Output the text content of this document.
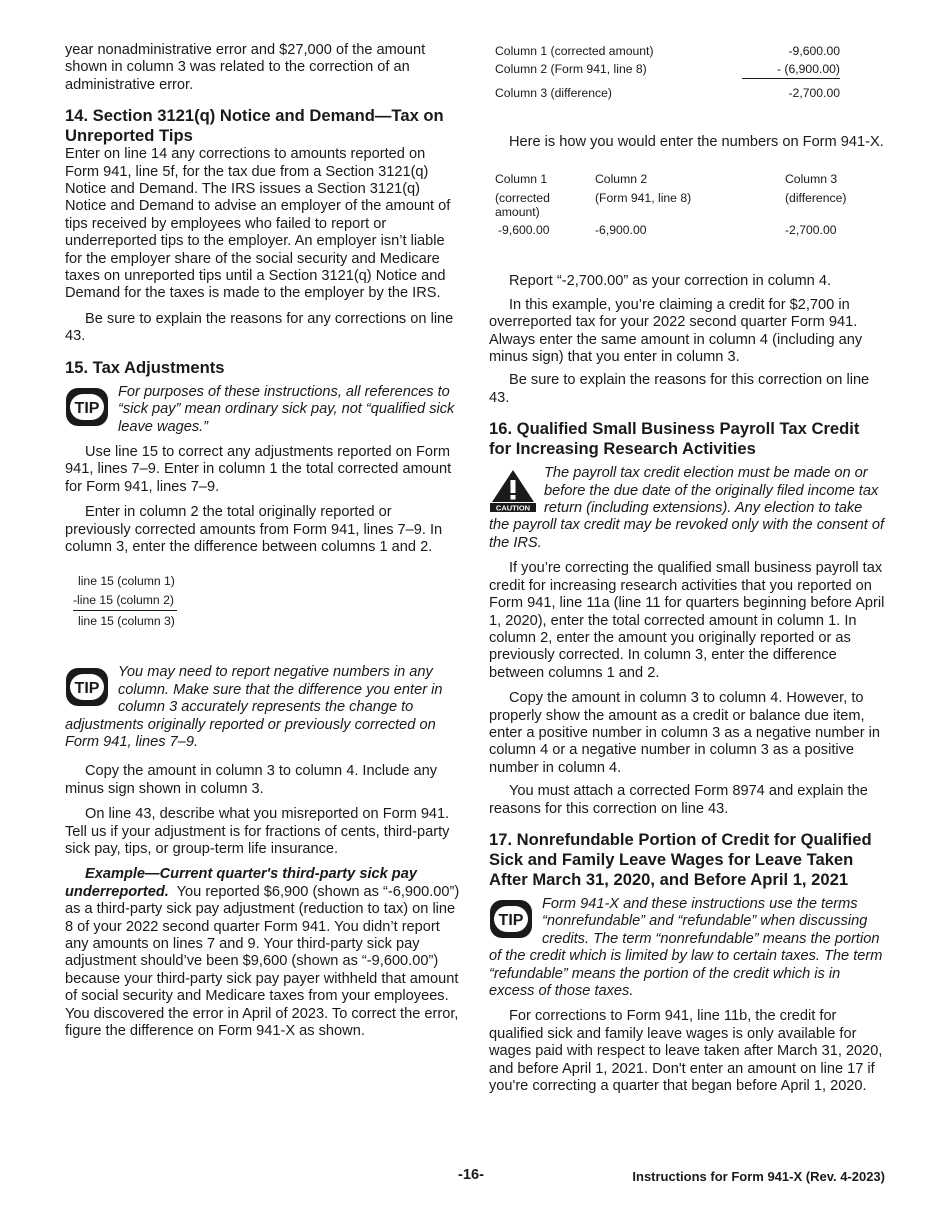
year nonadministrative error and $27,000 of the amount shown in column 3 was related to the correction of an administrative error.

14. Section 3121(q) Notice and Demand—Tax on Unreported Tips

Enter on line 14 any corrections to amounts reported on Form 941, line 5f, for the tax due from a Section 3121(q) Notice and Demand. The IRS issues a Section 3121(q) Notice and Demand to advise an employer of the amount of tips received by employees who failed to report or underreported tips to the employer. An employer isn’t liable for the employer share of the social security and Medicare taxes on unreported tips until a Section 3121(q) Notice and Demand for the taxes is made to the employer by the IRS.

Be sure to explain the reasons for any corrections on line 43.

15. Tax Adjustments
TIP

For purposes of these instructions, all references to “sick pay” mean ordinary sick pay, not “qualified sick leave wages.”

Use line 15 to correct any adjustments reported on Form 941, lines 7–9. Enter in column 1 the total corrected amount for Form 941, lines 7–9.

Enter in column 2 the total originally reported or previously corrected amounts from Form 941, lines 7–9. In column 3, enter the difference between columns 1 and 2.

line 15 (column 1)
-line 15 (column 2)
line 15 (column 3)
TIP

You may need to report negative numbers in any column. Make sure that the difference you enter in column 3 accurately represents the change to adjustments originally reported or previously corrected on Form 941, lines 7–9.

Copy the amount in column 3 to column 4. Include any minus sign shown in column 3.

On line 43, describe what you misreported on Form 941. Tell us if your adjustment is for fractions of cents, third-party sick pay, tips, or group-term life insurance.

Example—Current quarter's third-party sick pay underreported. You reported $6,900 (shown as “-6,900.00”) as a third-party sick pay adjustment (reduction to tax) on line 8 of your 2022 second quarter Form 941. You didn’t report any amounts on lines 7 and 9. Your third-party sick pay adjustment should’ve been $9,600 (shown as “-9,600.00”) because your third-party sick pay payer withheld that amount of social security and Medicare taxes from your employees. You discovered the error in April of 2023. To correct the error, figure the difference on Form 941-X as shown.

Column 1 (corrected amount)	-9,600.00
Column 2 (Form 941, line 8)	- (6,900.00)
Column 3 (difference)	-2,700.00

Here is how you would enter the numbers on Form 941-X.

Column 1	Column 2	Column 3
(corrected amount)	(Form 941, line 8)	(difference)
-9,600.00	-6,900.00	-2,700.00

Report “-2,700.00” as your correction in column 4.

In this example, you’re claiming a credit for $2,700 in overreported tax for your 2022 second quarter Form 941. Always enter the same amount in column 4 (including any minus sign) that you enter in column 3.

Be sure to explain the reasons for this correction on line 43.

16. Qualified Small Business Payroll Tax Credit for Increasing Research Activities
CAUTION

The payroll tax credit election must be made on or before the due date of the originally filed income tax return (including extensions). Any election to take the payroll tax credit may be revoked only with the consent of the IRS.

If you’re correcting the qualified small business payroll tax credit for increasing research activities that you reported on Form 941, line 11a (line 11 for quarters beginning before April 1, 2020), enter the total corrected amount in column 1. In column 2, enter the amount you originally reported or as previously corrected. In column 3, enter the difference between columns 1 and 2.

Copy the amount in column 3 to column 4. However, to properly show the amount as a credit or balance due item, enter a positive number in column 3 as a negative number in column 4 or a negative number in column 3 as a positive number in column 4.

You must attach a corrected Form 8974 and explain the reasons for this correction on line 43.

17. Nonrefundable Portion of Credit for Qualified Sick and Family Leave Wages for Leave Taken After March 31, 2020, and Before April 1, 2021
TIP

Form 941-X and these instructions use the terms “nonrefundable” and “refundable” when discussing credits. The term “nonrefundable” means the portion of the credit which is limited by law to certain taxes. The term “refundable” means the portion of the credit which is in excess of those taxes.

For corrections to Form 941, line 11b, the credit for qualified sick and family leave wages is only available for wages paid with respect to leave taken after March 31, 2020, and before April 1, 2021. Don't enter an amount on line 17 if you're correcting a quarter that began before April 1, 2020.

-16-	Instructions for Form 941-X (Rev. 4-2023)
